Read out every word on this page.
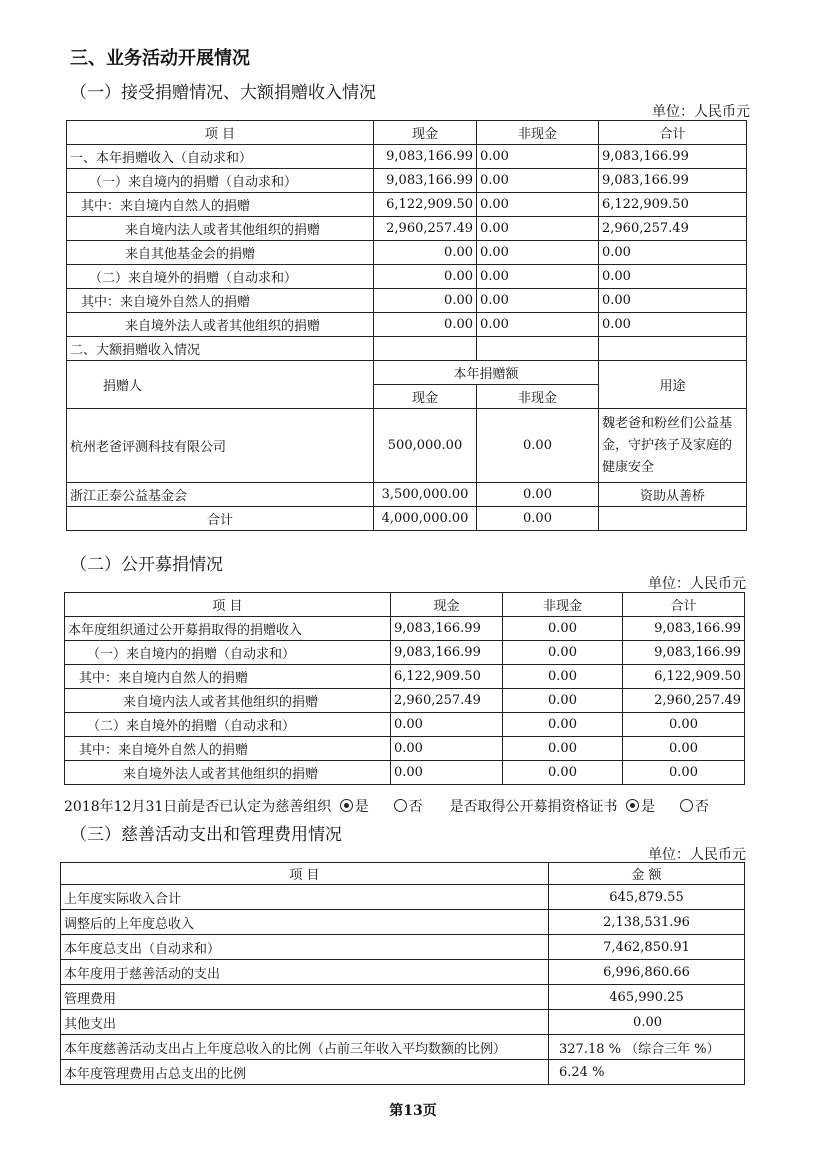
三、业务活动开展情况
（一）接受捐赠情况、大额捐赠收入情况
单位：人民币元
项 目	现金	非现金	合计
一、本年捐赠收入（自动求和）	9,083,166.99	0.00	9,083,166.99
（一）来自境内的捐赠（自动求和）	9,083,166.99	0.00	9,083,166.99
其中：来自境内自然人的捐赠	6,122,909.50	0.00	6,122,909.50
来自境内法人或者其他组织的捐赠	2,960,257.49	0.00	2,960,257.49
来自其他基金会的捐赠	0.00	0.00	0.00
（二）来自境外的捐赠（自动求和）	0.00	0.00	0.00
其中：来自境外自然人的捐赠	0.00	0.00	0.00
来自境外法人或者其他组织的捐赠	0.00	0.00	0.00
二、大额捐赠收入情况			
捐赠人	本年捐赠额		用途
	现金	非现金	
杭州老爸评测科技有限公司	500,000.00	0.00	魏老爸和粉丝们公益基金，守护孩子及家庭的健康安全
浙江正泰公益基金会	3,500,000.00	0.00	资助从善桥
合计	4,000,000.00	0.00	
（二）公开募捐情况
单位：人民币元
项 目	现金	非现金	合计
本年度组织通过公开募捐取得的捐赠收入	9,083,166.99	0.00	9,083,166.99
（一）来自境内的捐赠（自动求和）	9,083,166.99	0.00	9,083,166.99
其中：来自境内自然人的捐赠	6,122,909.50	0.00	6,122,909.50
来自境内法人或者其他组织的捐赠	2,960,257.49	0.00	2,960,257.49
（二）来自境外的捐赠（自动求和）	0.00	0.00	0.00
其中：来自境外自然人的捐赠	0.00	0.00	0.00
来自境外法人或者其他组织的捐赠	0.00	0.00	0.00
2018年12月31日前是否已认定为慈善组织 是	否 是否取得公开募捐资格证书 是	否
（三）慈善活动支出和管理费用情况
单位：人民币元
项 目	金 额
上年度实际收入合计	645,879.55
调整后的上年度总收入	2,138,531.96
本年度总支出（自动求和）	7,462,850.91
本年度用于慈善活动的支出	6,996,860.66
管理费用	465,990.25
其他支出	0.00
本年度慈善活动支出占上年度总收入的比例（占前三年收入平均数额的比例）	327.18 % （综合三年 %）
本年度管理费用占总支出的比例	6.24 %
第13页
